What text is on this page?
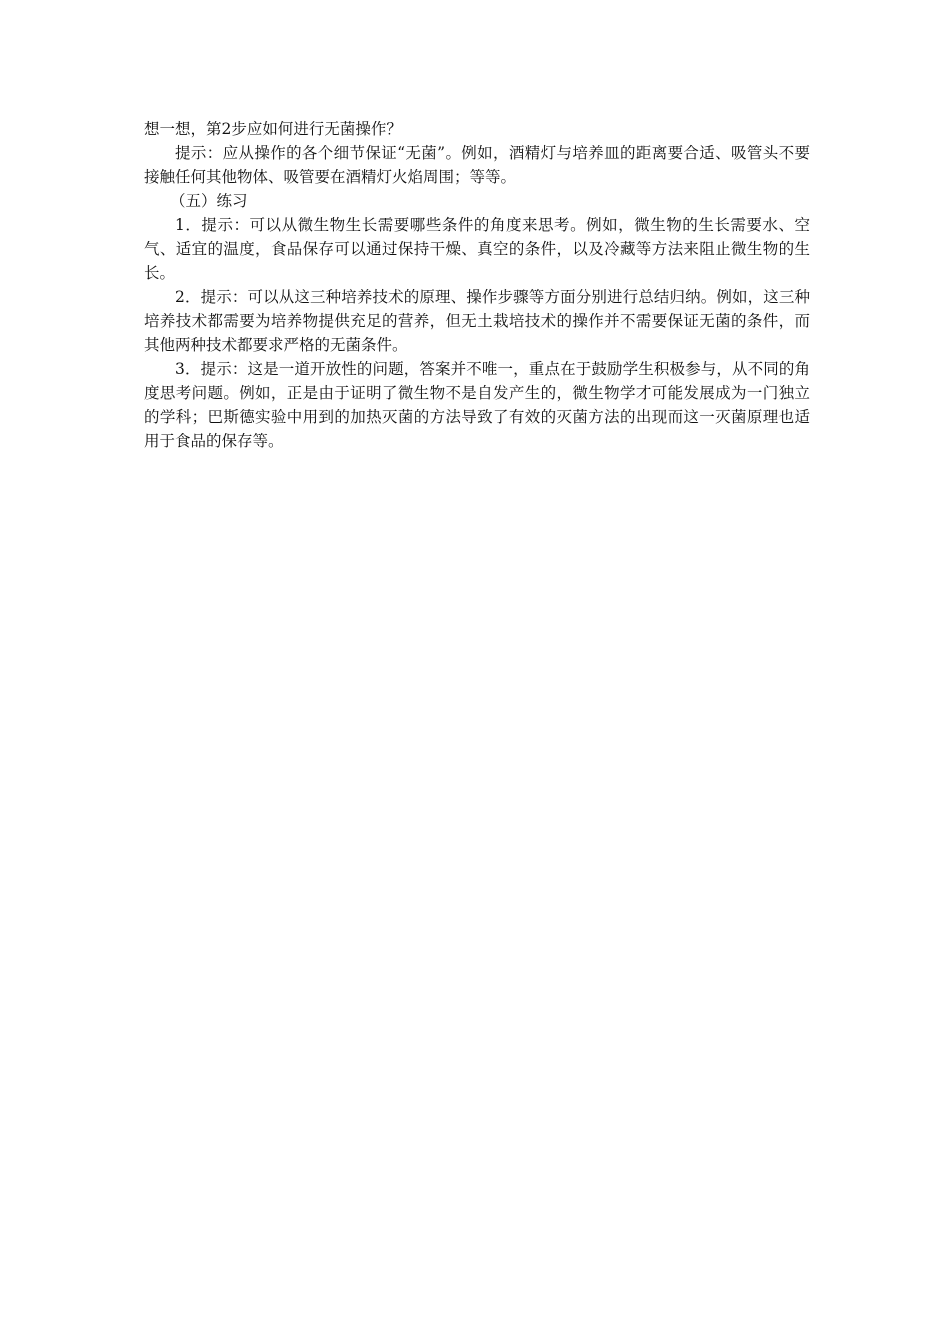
想一想，第2步应如何进行无菌操作？

提示：应从操作的各个细节保证“无菌”。例如，酒精灯与培养皿的距离要合适、吸管头不要接触任何其他物体、吸管要在酒精灯火焰周围；等等。

（五）练习

1．提示：可以从微生物生长需要哪些条件的角度来思考。例如，微生物的生长需要水、空气、适宜的温度，食品保存可以通过保持干燥、真空的条件，以及冷藏等方法来阻止微生物的生长。

2．提示：可以从这三种培养技术的原理、操作步骤等方面分别进行总结归纳。例如，这三种培养技术都需要为培养物提供充足的营养，但无土栽培技术的操作并不需要保证无菌的条件，而其他两种技术都要求严格的无菌条件。

3．提示：这是一道开放性的问题，答案并不唯一，重点在于鼓励学生积极参与，从不同的角度思考问题。例如，正是由于证明了微生物不是自发产生的，微生物学才可能发展成为一门独立的学科；巴斯德实验中用到的加热灭菌的方法导致了有效的灭菌方法的出现而这一灭菌原理也适用于食品的保存等。
